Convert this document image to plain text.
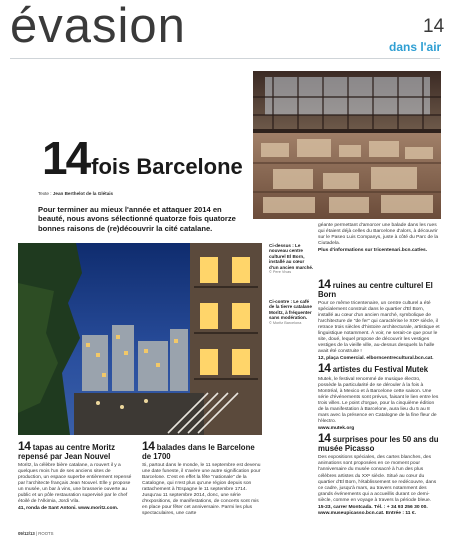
évasion	14
dans l'air
14fois Barcelone
Texte : Jean Berthelot de la Glétais
Pour terminer au mieux l'année et attaquer 2014 en beauté, nous avons sélectionné quatorze fois quatorze bonnes raisons de (re)découvrir la cité catalane.
Ci-dessus : Le nouveau centre culturel El Born, installé au cœur d'un ancien marché.
© Pere Vivas
Ci-contre : Le café de la tierre catalane Moritz, à fréquenter sans modération.
© Moritz Barcelona

géante permettant d'amorcer une balade dans les rues qui étaient déjà celles du Barcelone d'alors, à découvrir sur le Paseo Luis Companys, juste à côté du Parc de la Ciutadela.

Plus d'informations sur tricentenari.bcn.cat/es.

14 ruines au centre culturel El Born

Pour ce même tricentenaire, un centre culturel a été spécialement construit dans le quartier d'El Born, installé au cœur d'un ancien marché, symbolique de l'architecture de "de fer" qui caractérise le XIXᵉ siècle, il retrace trois siècles d'histoire architecturale, artistique et linguistique notamment. À voir, ne serait-ce que pour le site, doué, lequel propose de découvrir les vestiges vestiges de la vieille ville, au-dessus desquels la halle avait été construite !

12, plaça Comercial. elborncentrecultural.bcn.cat.

14 artistes du Festival Mutek

Mutek, le festival renommé de musique électro, possède la particularité de se dérouler à la fois à Montréal, à Mexico et à Barcelone cette saison. Une série d'événements sont prévus, faisant le lien entre les trois villes. Le point d'orgue, pour la cinquième édition de la manifestation à Barcelone, aura lieu du 5 au 8 mars avec la présence en Catalogne de la fine fleur de l'électro.

www.mutek.org

14 surprises pour les 50 ans du musée Picasso

Des expositions spéciales, des cartes blanches, des animations sont proposées en ce moment pour l'anniversaire du musée consacré à l'un des plus célèbres artistes du XXᵉ siècle. Situé au cœur du quartier d'El Born, l'établissement se redécouvre, dans ce cadre, jusqu'à mars, au travers notamment des grands événements qui a accueillis durant ce demi-siècle, comme en voyage à travers la période bleue.

15-23, carrer Montcada. Tél. : + 34 93 256 30 00. www.museupicasso.bcn.cat. Entrée : 11 €.

14 tapas au centre Moritz repensé par Jean Nouvel

Moritz, la célèbre bière catalane, a rouvert il y a quelques mois l'un de ses anciens sites de production, un espace superbe entièrement repensé par l'architecte français Jean Nouvel. Elle y propose un musée, un bar à vins, une brasserie ouverte au public et un pôle restauration supervisé par le chef étoilé de l'Alkimia, Jordi Vila.

41, ronda de Sant Antoni. www.moritz.com.

14 balades dans le Barcelone de 1700

Si, partout dans le monde, le 11 septembre est devenu une date funeste, il s'avère une autre signification pour Barcelone. C'est en effet la fête "nationale" de la Catalogne, qui n'est plus qu'une région depuis son rattachement à l'Espagne le 11 septembre 1714. Jusqu'au 11 septembre 2014, donc, une série d'expositions, de manifestations, de concerts sont mis en place pour fêter cet anniversaire. Parmi les plus spectaculaires, une carte

09/12/13 | ROOTS
